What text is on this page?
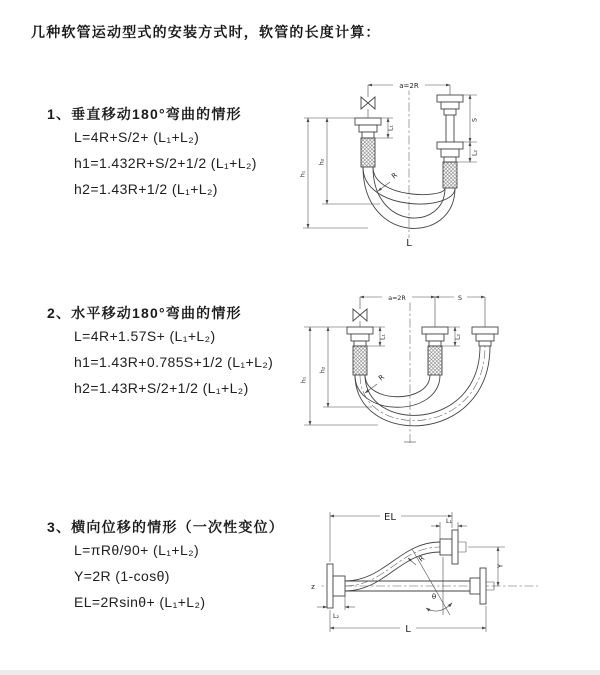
几种软管运动型式的安装方式时，软管的长度计算：
1、垂直移动180°弯曲的情形
L=4R+S/2+ (L₁+L₂)
h1=1.432R+S/2+1/2 (L₁+L₂)
h2=1.43R+1/2 (L₁+L₂)
2、水平移动180°弯曲的情形
L=4R+1.57S+ (L₁+L₂)
h1=1.43R+0.785S+1/2 (L₁+L₂)
h2=1.43R+S/2+1/2 (L₁+L₂)
3、横向位移的情形（一次性变位）
L=πRθ/90+ (L₁+L₂)
Y=2R (1-cosθ)
EL=2Rsinθ+ (L₁+L₂)
a=2R
S
L₂
L₁
h₂
h₁	R
L
a=2R	S
L₁	L₂
h₂
h₁	R
z
θ
R
EL	L₁
Y
L₂
L
